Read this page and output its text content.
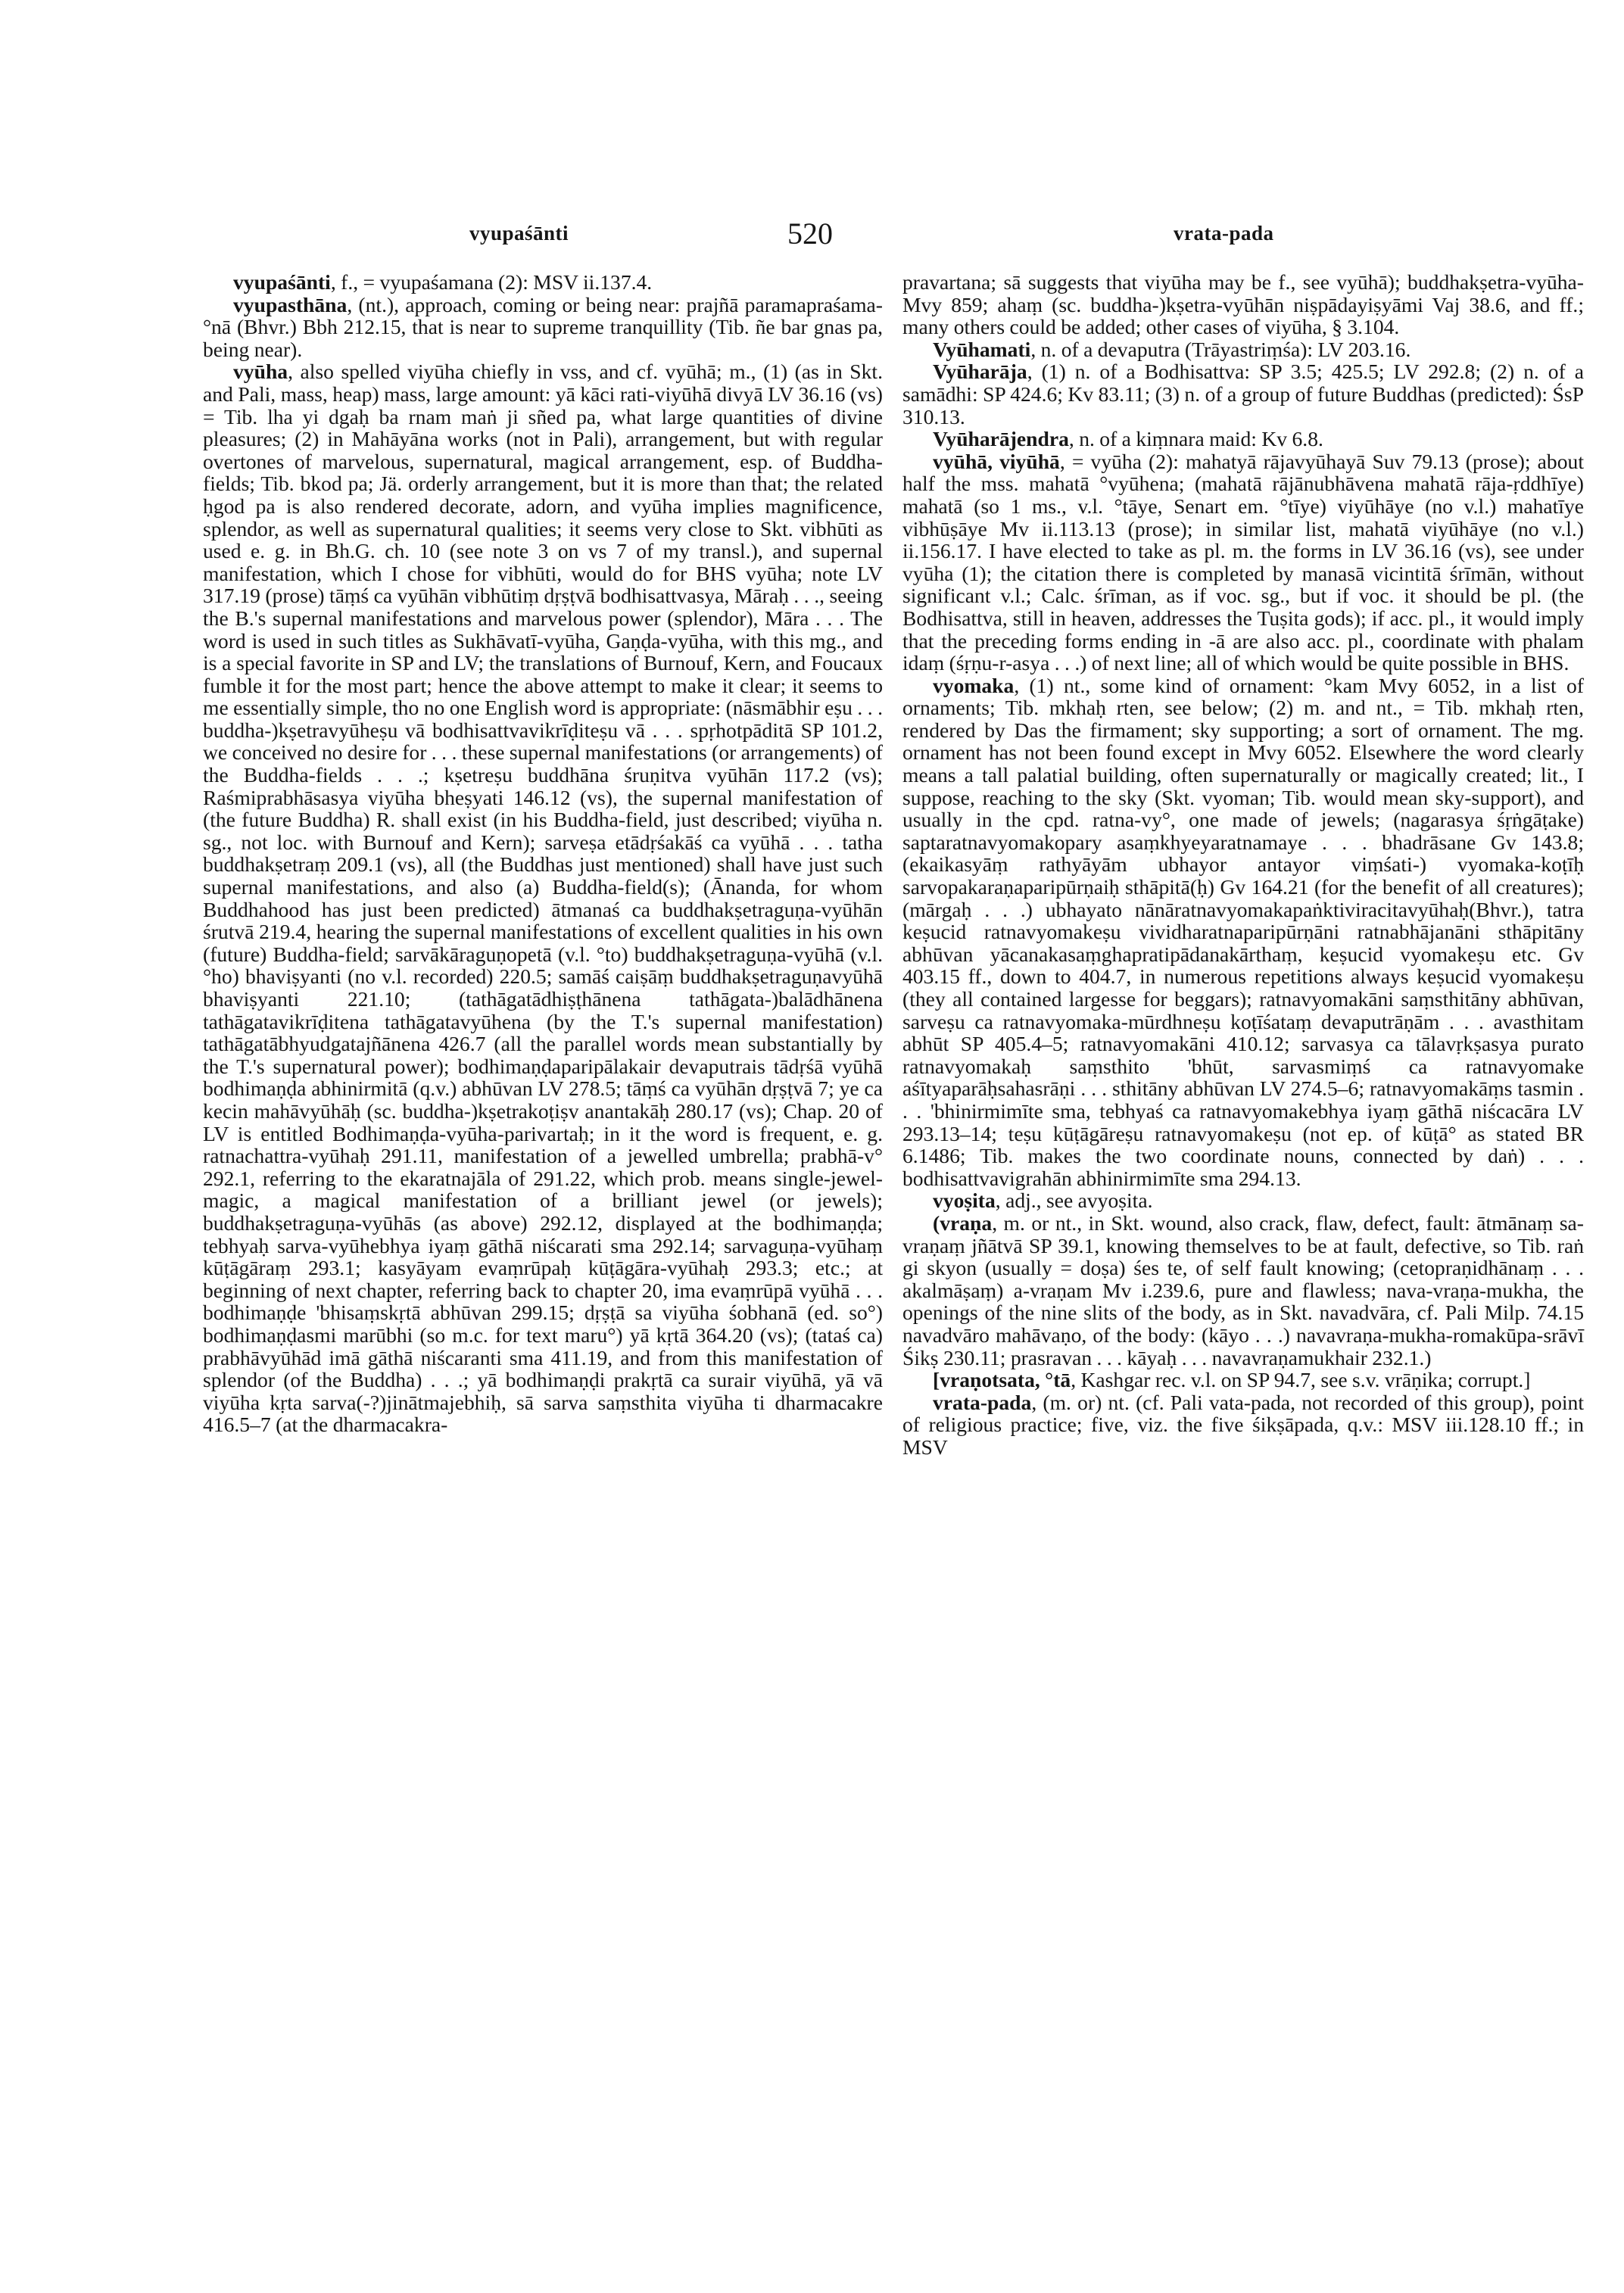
vyupaśānti	520	vrata-pada

vyupaśānti, f., = vyupaśamana (2): MSV ii.137.4.

vyupasthāna, (nt.), approach, coming or being near: prajñā paramapraśama-°nā (Bhvr.) Bbh 212.15, that is near to supreme tranquillity (Tib. ñe bar gnas pa, being near).

vyūha, also spelled viyūha chiefly in vss, and cf. vyūhā; m., (1) (as in Skt. and Pali, mass, heap) mass, large amount: yā kāci rati-viyūhā divyā LV 36.16 (vs) = Tib. lha yi dgaḥ ba rnam maṅ ji sñed pa, what large quantities of divine pleasures; (2) in Mahāyāna works (not in Pali), arrangement, but with regular overtones of marvelous, supernatural, magical arrangement, esp. of Buddha-fields; Tib. bkod pa; Jä. orderly arrangement, but it is more than that; the related ḥgod pa is also rendered decorate, adorn, and vyūha implies magnificence, splendor, as well as supernatural qualities; it seems very close to Skt. vibhūti as used e. g. in Bh.G. ch. 10 (see note 3 on vs 7 of my transl.), and supernal manifestation, which I chose for vibhūti, would do for BHS vyūha; note LV 317.19 (prose) tāṃś ca vyūhān vibhūtiṃ dṛṣṭvā bodhisattvasya, Māraḥ . . ., seeing the B.'s supernal manifestations and marvelous power (splendor), Māra . . . The word is used in such titles as Sukhāvatī-vyūha, Gaṇḍa-vyūha, with this mg., and is a special favorite in SP and LV; the translations of Burnouf, Kern, and Foucaux fumble it for the most part; hence the above attempt to make it clear; it seems to me essentially simple, tho no one English word is appropriate: (nāsmābhir eṣu . . . buddha-)kṣetravyūheṣu vā bodhisattvavikrīḍiteṣu vā . . . spṛhotpāditā SP 101.2, we conceived no desire for . . . these supernal manifestations (or arrangements) of the Buddha-fields . . .; kṣetreṣu buddhāna śruṇitva vyūhān 117.2 (vs); Raśmiprabhāsasya viyūha bheṣyati 146.12 (vs), the supernal manifestation of (the future Buddha) R. shall exist (in his Buddha-field, just described; viyūha n. sg., not loc. with Burnouf and Kern); sarveṣa etādṛśakāś ca vyūhā . . . tatha buddhakṣetraṃ 209.1 (vs), all (the Buddhas just mentioned) shall have just such supernal manifestations, and also (a) Buddha-field(s); (Ānanda, for whom Buddhahood has just been predicted) ātmanaś ca buddhakṣetraguṇa-vyūhān śrutvā 219.4, hearing the supernal manifestations of excellent qualities in his own (future) Buddha-field; sarvākāraguṇopetā (v.l. °to) buddhakṣetraguṇa-vyūhā (v.l. °ho) bhaviṣyanti (no v.l. recorded) 220.5; samāś caiṣāṃ buddhakṣetraguṇavyūhā bhaviṣyanti 221.10; (tathāgatādhiṣṭhānena tathāgata-)balādhānena tathāgatavikrīḍitena tathāgatavyūhena (by the T.'s supernal manifestation) tathāgatābhyudgatajñānena 426.7 (all the parallel words mean substantially by the T.'s supernatural power); bodhimaṇḍaparipālakair devaputrais tādṛśā vyūhā bodhimaṇḍa abhinirmitā (q.v.) abhūvan LV 278.5; tāṃś ca vyūhān dṛṣṭvā 7; ye ca kecin mahāvyūhāḥ (sc. buddha-)kṣetrakoṭiṣv anantakāḥ 280.17 (vs); Chap. 20 of LV is entitled Bodhimaṇḍa-vyūha-parivartaḥ; in it the word is frequent, e. g. ratnachattra-vyūhaḥ 291.11, manifestation of a jewelled umbrella; prabhā-v° 292.1, referring to the ekaratnajāla of 291.22, which prob. means single-jewel-magic, a magical manifestation of a brilliant jewel (or jewels); buddhakṣetraguṇa-vyūhās (as above) 292.12, displayed at the bodhimaṇḍa; tebhyaḥ sarva-vyūhebhya iyaṃ gāthā niścarati sma 292.14; sarvaguṇa-vyūhaṃ kūṭāgāraṃ 293.1; kasyāyam evaṃrūpaḥ kūṭāgāra-vyūhaḥ 293.3; etc.; at beginning of next chapter, referring back to chapter 20, ima evaṃrūpā vyūhā . . . bodhimaṇḍe 'bhisaṃskṛtā abhūvan 299.15; dṛṣṭā sa viyūha śobhanā (ed. so°) bodhimaṇḍasmi marūbhi (so m.c. for text maru°) yā kṛtā 364.20 (vs); (tataś ca) prabhāvyūhād imā gāthā niścaranti sma 411.19, and from this manifestation of splendor (of the Buddha) . . .; yā bodhimaṇḍi prakṛtā ca surair viyūhā, yā vā viyūha kṛta sarva(-?)jinātmajebhiḥ, sā sarva saṃsthita viyūha ti dharmacakre 416.5–7 (at the dharmacakra-

pravartana; sā suggests that viyūha may be f., see vyūhā); buddhakṣetra-vyūha- Mvy 859; ahaṃ (sc. buddha-)kṣetra-vyūhān niṣpādayiṣyāmi Vaj 38.6, and ff.; many others could be added; other cases of viyūha, § 3.104.

Vyūhamati, n. of a devaputra (Trāyastriṃśa): LV 203.16.

Vyūharāja, (1) n. of a Bodhisattva: SP 3.5; 425.5; LV 292.8; (2) n. of a samādhi: SP 424.6; Kv 83.11; (3) n. of a group of future Buddhas (predicted): ŚsP 310.13.

Vyūharājendra, n. of a kiṃnara maid: Kv 6.8.

vyūhā, viyūhā, = vyūha (2): mahatyā rājavyūhayā Suv 79.13 (prose); about half the mss. mahatā °vyūhena; (mahatā rājānubhāvena mahatā rāja-ṛddhīye) mahatā (so 1 ms., v.l. °tāye, Senart em. °tīye) viyūhāye (no v.l.) mahatīye vibhūṣāye Mv ii.113.13 (prose); in similar list, mahatā viyūhāye (no v.l.) ii.156.17. I have elected to take as pl. m. the forms in LV 36.16 (vs), see under vyūha (1); the citation there is completed by manasā vicintitā śrīmān, without significant v.l.; Calc. śrīman, as if voc. sg., but if voc. it should be pl. (the Bodhisattva, still in heaven, addresses the Tuṣita gods); if acc. pl., it would imply that the preceding forms ending in -ā are also acc. pl., coordinate with phalam idaṃ (śṛṇu-r-asya . . .) of next line; all of which would be quite possible in BHS.

vyomaka, (1) nt., some kind of ornament: °kam Mvy 6052, in a list of ornaments; Tib. mkhaḥ rten, see below; (2) m. and nt., = Tib. mkhaḥ rten, rendered by Das the firmament; sky supporting; a sort of ornament. The mg. ornament has not been found except in Mvy 6052. Elsewhere the word clearly means a tall palatial building, often supernaturally or magically created; lit., I suppose, reaching to the sky (Skt. vyoman; Tib. would mean sky-support), and usually in the cpd. ratna-vy°, one made of jewels; (nagarasya śṛṅgāṭake) saptaratnavyomakopary asaṃkhyeyaratnamaye . . . bhadrāsane Gv 143.8; (ekaikasyāṃ rathyāyām ubhayor antayor viṃśati-) vyomaka-koṭīḥ sarvopakaraṇaparipūrṇaiḥ sthāpitā(ḥ) Gv 164.21 (for the benefit of all creatures); (mārgaḥ . . .) ubhayato nānāratnavyomakapaṅktiviracitavyūhaḥ(Bhvr.), tatra keṣucid ratnavyomakeṣu vividharatnaparipūrṇāni ratnabhājanāni sthāpitāny abhūvan yācanakasaṃghapratipādanakārthaṃ, keṣucid vyomakeṣu etc. Gv 403.15 ff., down to 404.7, in numerous repetitions always keṣucid vyomakeṣu (they all contained largesse for beggars); ratnavyomakāni saṃsthitāny abhūvan, sarveṣu ca ratnavyomaka-mūrdhneṣu koṭīśataṃ devaputrāṇām . . . avasthitam abhūt SP 405.4–5; ratnavyomakāni 410.12; sarvasya ca tālavṛkṣasya purato ratnavyomakaḥ saṃsthito 'bhūt, sarvasmiṃś ca ratnavyomake aśītyaparāḥsahasrāṇi . . . sthitāny abhūvan LV 274.5–6; ratnavyomakāṃs tasmin . . . 'bhinirmimīte sma, tebhyaś ca ratnavyomakebhya iyaṃ gāthā niścacāra LV 293.13–14; teṣu kūṭāgāreṣu ratnavyomakeṣu (not ep. of kūṭā° as stated BR 6.1486; Tib. makes the two coordinate nouns, connected by daṅ) . . . bodhisattvavigrahān abhinirmimīte sma 294.13.

vyoṣita, adj., see avyoṣita.

(vraṇa, m. or nt., in Skt. wound, also crack, flaw, defect, fault: ātmānaṃ sa-vraṇaṃ jñātvā SP 39.1, knowing themselves to be at fault, defective, so Tib. raṅ gi skyon (usually = doṣa) śes te, of self fault knowing; (cetopraṇidhānaṃ . . . akalmāṣaṃ) a-vraṇam Mv i.239.6, pure and flawless; nava-vraṇa-mukha, the openings of the nine slits of the body, as in Skt. navadvāra, cf. Pali Milp. 74.15 navadvāro mahāvaṇo, of the body: (kāyo . . .) navavraṇa-mukha-romakūpa-srāvī Śikṣ 230.11; prasravan . . . kāyaḥ . . . navavraṇamukhair 232.1.)

[vraṇotsata, °tā, Kashgar rec. v.l. on SP 94.7, see s.v. vrāṇika; corrupt.]

vrata-pada, (m. or) nt. (cf. Pali vata-pada, not recorded of this group), point of religious practice; five, viz. the five śikṣāpada, q.v.: MSV iii.128.10 ff.; in MSV
